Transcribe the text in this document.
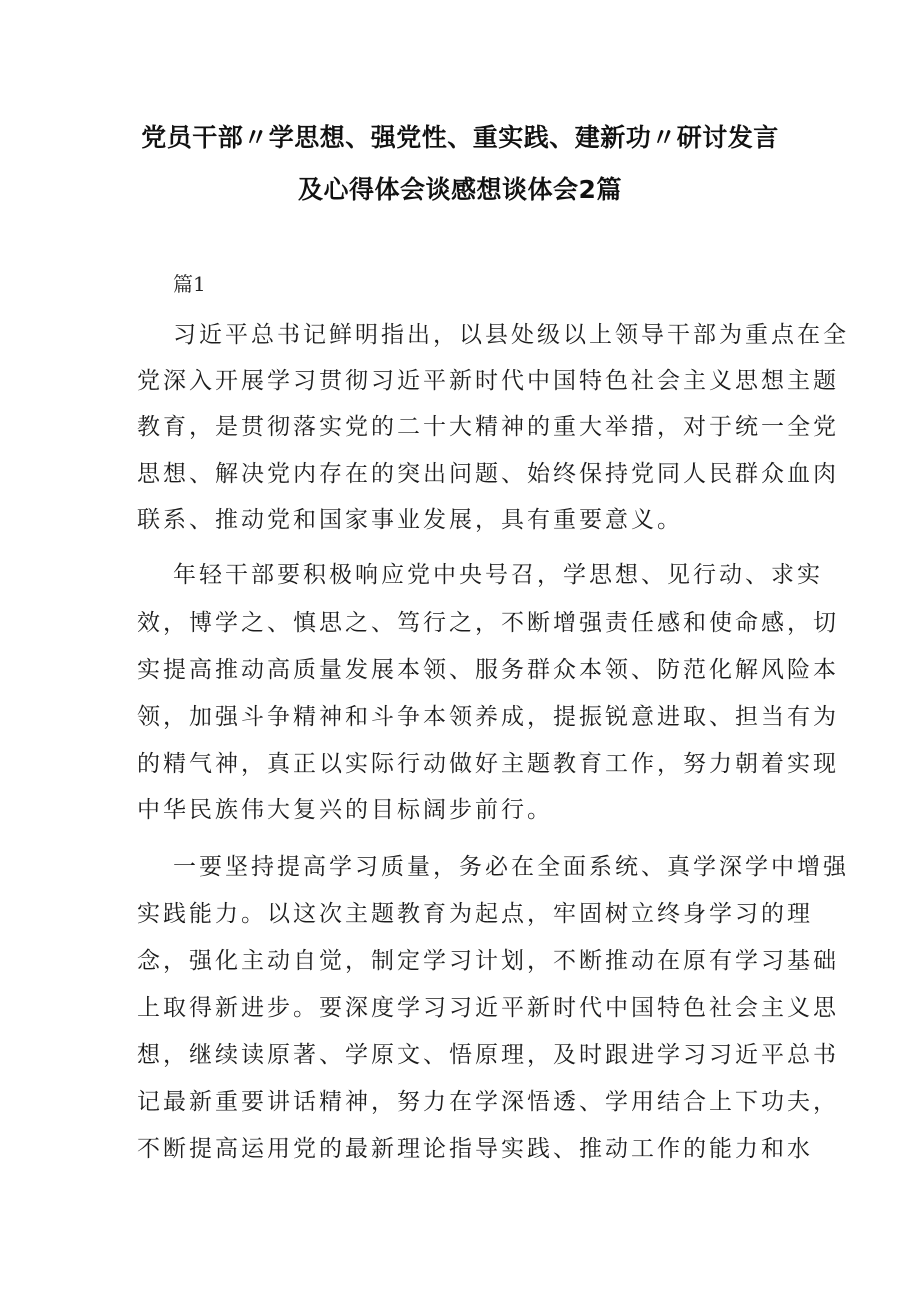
党员干部〃学思想、强党性、重实践、建新功〃研讨发言
及心得体会谈感想谈体会2篇
篇1
习近平总书记鲜明指出，以县处级以上领导干部为重点在全
党深入开展学习贯彻习近平新时代中国特色社会主义思想主题
教育，是贯彻落实党的二十大精神的重大举措，对于统一全党
思想、解决党内存在的突出问题、始终保持党同人民群众血肉
联系、推动党和国家事业发展，具有重要意义。
年轻干部要积极响应党中央号召，学思想、见行动、求实
效，博学之、慎思之、笃行之，不断增强责任感和使命感，切
实提高推动高质量发展本领、服务群众本领、防范化解风险本
领，加强斗争精神和斗争本领养成，提振锐意进取、担当有为
的精气神，真正以实际行动做好主题教育工作，努力朝着实现
中华民族伟大复兴的目标阔步前行。
一要坚持提高学习质量，务必在全面系统、真学深学中增强
实践能力。以这次主题教育为起点，牢固树立终身学习的理
念，强化主动自觉，制定学习计划，不断推动在原有学习基础
上取得新进步。要深度学习习近平新时代中国特色社会主义思
想，继续读原著、学原文、悟原理，及时跟进学习习近平总书
记最新重要讲话精神，努力在学深悟透、学用结合上下功夫，
不断提高运用党的最新理论指导实践、推动工作的能力和水
